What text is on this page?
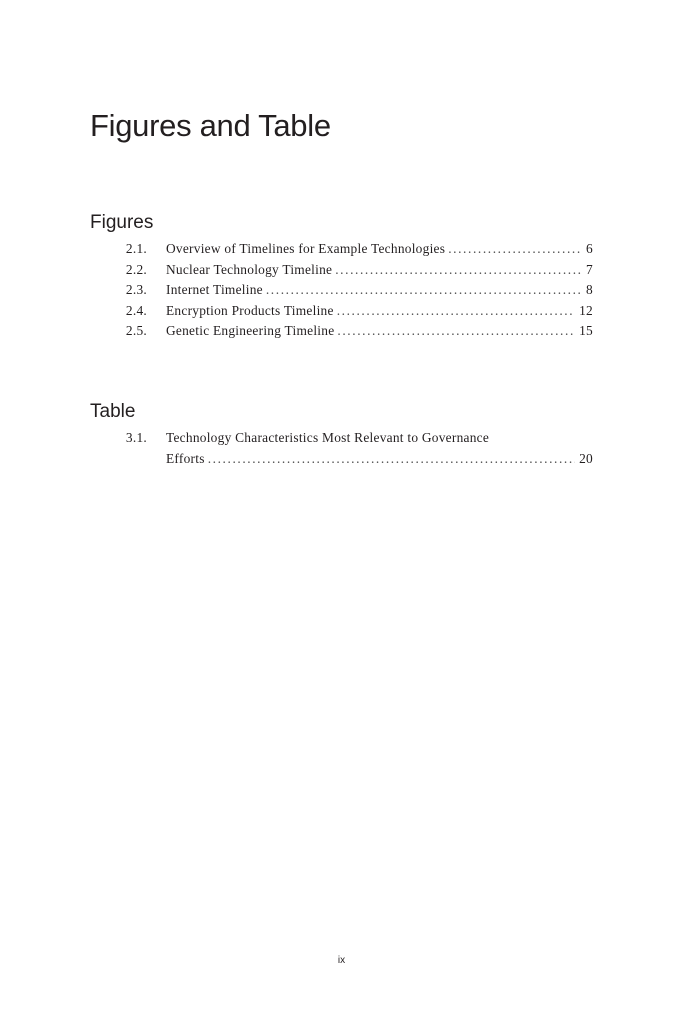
Figures and Table
Figures
2.1. Overview of Timelines for Example Technologies .....	6
2.2. Nuclear Technology Timeline .....	7
2.3. Internet Timeline .....	8
2.4. Encryption Products Timeline .....	12
2.5. Genetic Engineering Timeline .....	15
Table
3.1. Technology Characteristics Most Relevant to Governance
Efforts .....	20

ix
